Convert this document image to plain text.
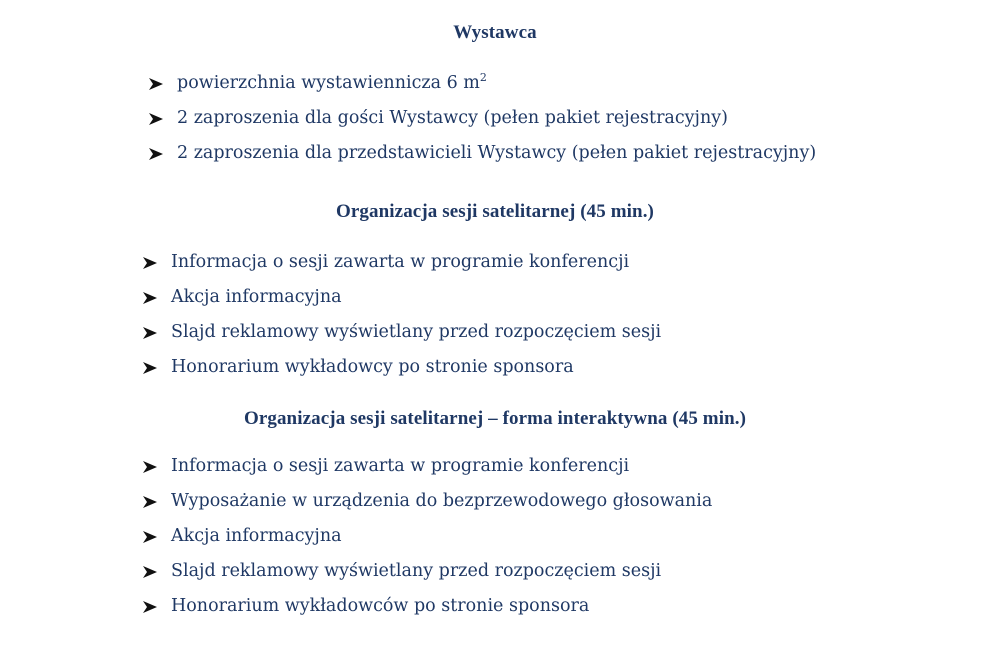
Wystawca
powierzchnia wystawiennicza 6 $m^2$
2 zaproszenia dla gości Wystawcy (pełen pakiet rejestracyjny)
2 zaproszenia dla przedstawicieli Wystawcy (pełen pakiet rejestracyjny)
Organizacja sesji satelitarnej (45 min.)
Informacja o sesji zawarta w programie konferencji
Akcja informacyjna
Slajd reklamowy wyświetlany przed rozpoczęciem sesji
Honorarium wykładowcy po stronie sponsora
Organizacja sesji satelitarnej – forma interaktywna (45 min.)
Informacja o sesji zawarta w programie konferencji
Wyposażanie w urządzenia do bezprzewodowego głosowania
Akcja informacyjna
Slajd reklamowy wyświetlany przed rozpoczęciem sesji
Honorarium wykładowców po stronie sponsora
